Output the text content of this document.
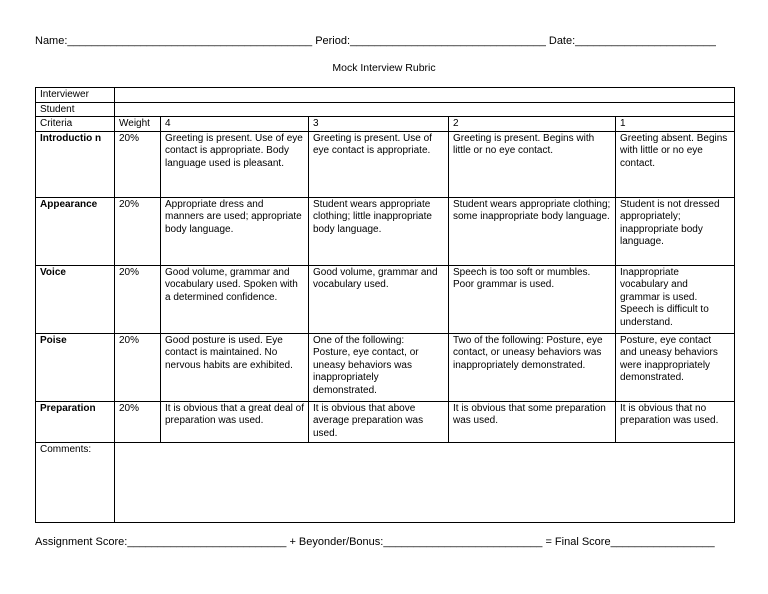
Name:________________________________________ Period:________________________________ Date:_______________________
Mock Interview Rubric
Interviewer					
Student					
Criteria	Weight	4	3	2	1
Introductio n	20%	Greeting is present. Use of eye contact is appropriate. Body language used is pleasant.	Greeting is present. Use of eye contact is appropriate.	Greeting is present. Begins with little or no eye contact.	Greeting absent. Begins with little or no eye contact.
Appearance	20%	Appropriate dress and manners are used; appropriate body language.	Student wears appropriate clothing; little inappropriate body language.	Student wears appropriate clothing; some inappropriate body language.	Student is not dressed appropriately; inappropriate body language.
Voice	20%	Good volume, grammar and vocabulary used. Spoken with a determined confidence.	Good volume, grammar and vocabulary used.	Speech is too soft or mumbles. Poor grammar is used.	Inappropriate vocabulary and grammar is used. Speech is difficult to understand.
Poise	20%	Good posture is used. Eye contact is maintained. No nervous habits are exhibited.	One of the following: Posture, eye contact, or uneasy behaviors was inappropriately demonstrated.	Two of the following: Posture, eye contact, or uneasy behaviors was inappropriately demonstrated.	Posture, eye contact and uneasy behaviors were inappropriately demonstrated.
Preparation	20%	It is obvious that a great deal of preparation was used.	It is obvious that above average preparation was used.	It is obvious that some preparation was used.	It is obvious that no preparation was used.
Comments:					
Assignment Score:__________________________ + Beyonder/Bonus:__________________________ = Final Score_________________
